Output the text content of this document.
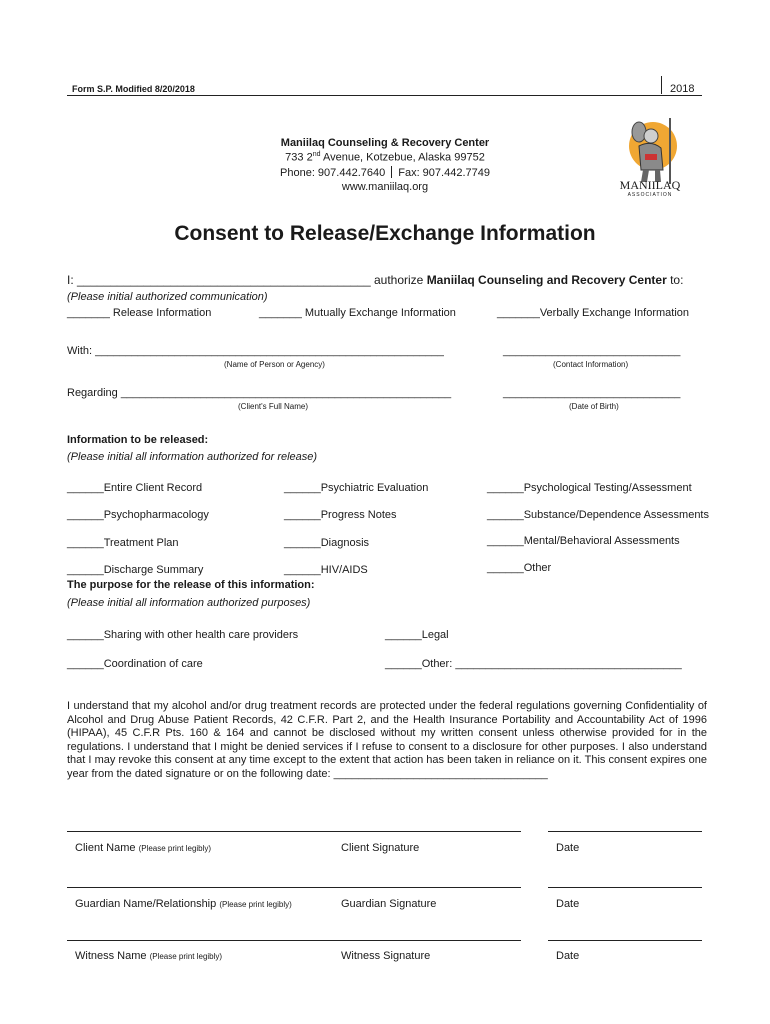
Form S.P. Modified 8/20/2018	2018
Maniilaq Counseling & Recovery Center
733 2nd Avenue, Kotzebue, Alaska 99752
Phone: 907.442.7640 Fax: 907.442.7749
www.maniilaq.org	MANIILAQ
ASSOCIATION
Consent to Release/Exchange Information
I: ____________________________________________ authorize Maniilaq Counseling and Recovery Center to:
(Please initial authorized communication)
_______ Release Information	_______ Mutually Exchange Information	_______Verbally Exchange Information
With: _________________________________________________________	_____________________________
(Name of Person or Agency)	(Contact Information)
Regarding ______________________________________________________	_____________________________
(Client's Full Name)	(Date of Birth)
Information to be released:
(Please initial all information authorized for release)
______Entire Client Record	______Psychiatric Evaluation	______Psychological Testing/Assessment
______Psychopharmacology	______Progress Notes	______Substance/Dependence Assessments
______Treatment Plan	______Diagnosis	______Mental/Behavioral Assessments
______Discharge Summary	______HIV/AIDS	______Other
The purpose for the release of this information:
(Please initial all information authorized purposes)
______Sharing with other health care providers	______Legal
______Coordination of care	______Other: _____________________________________
I understand that my alcohol and/or drug treatment records are protected under the federal regulations governing Confidentiality of Alcohol and Drug Abuse Patient Records, 42 C.F.R. Part 2, and the Health Insurance Portability and Accountability Act of 1996 (HIPAA), 45 C.F.R Pts. 160 & 164 and cannot be disclosed without my written consent unless otherwise provided for in the regulations. I understand that I might be denied services if I refuse to consent to a disclosure for other purposes. I also understand that I may revoke this consent at any time except to the extent that action has been taken in reliance on it. This consent expires one year from the dated signature or on the following date: ___________________________________
Client Name (Please print legibly)	Client Signature	Date
Guardian Name/Relationship (Please print legibly)	Guardian Signature	Date
Witness Name (Please print legibly)	Witness Signature	Date
